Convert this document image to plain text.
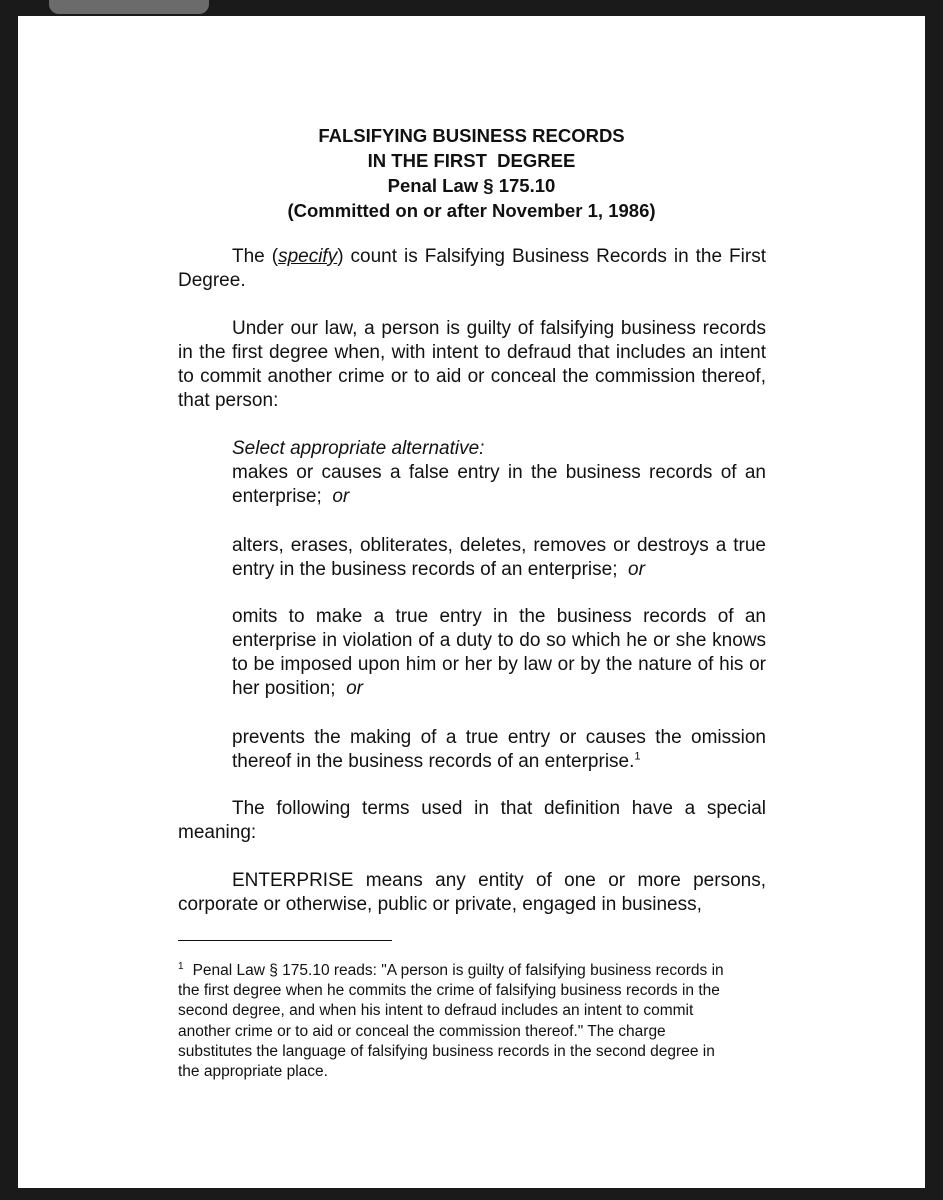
FALSIFYING BUSINESS RECORDS
IN THE FIRST  DEGREE
Penal Law § 175.10
(Committed on or after November 1, 1986)

The (specify) count is Falsifying Business Records in the First Degree.

Under our law, a person is guilty of falsifying business records in the first degree when, with intent to defraud that includes an intent to commit another crime or to aid or conceal the commission thereof, that person:

Select appropriate alternative:

makes or causes a false entry in the business records of an enterprise; or

alters, erases, obliterates, deletes, removes or destroys a true entry in the business records of an enterprise; or

omits to make a true entry in the business records of an enterprise in violation of a duty to do so which he or she knows to be imposed upon him or her by law or by the nature of his or her position; or

prevents the making of a true entry or causes the omission thereof in the business records of an enterprise.$^1$

The following terms used in that definition have a special meaning:

ENTERPRISE means any entity of one or more persons, corporate or otherwise, public or private, engaged in business,

$^1$ Penal Law § 175.10 reads: "A person is guilty of falsifying business records in the first degree when he commits the crime of falsifying business records in the second degree, and when his intent to defraud includes an intent to commit another crime or to aid or conceal the commission thereof." The charge substitutes the language of falsifying business records in the second degree in the appropriate place.
